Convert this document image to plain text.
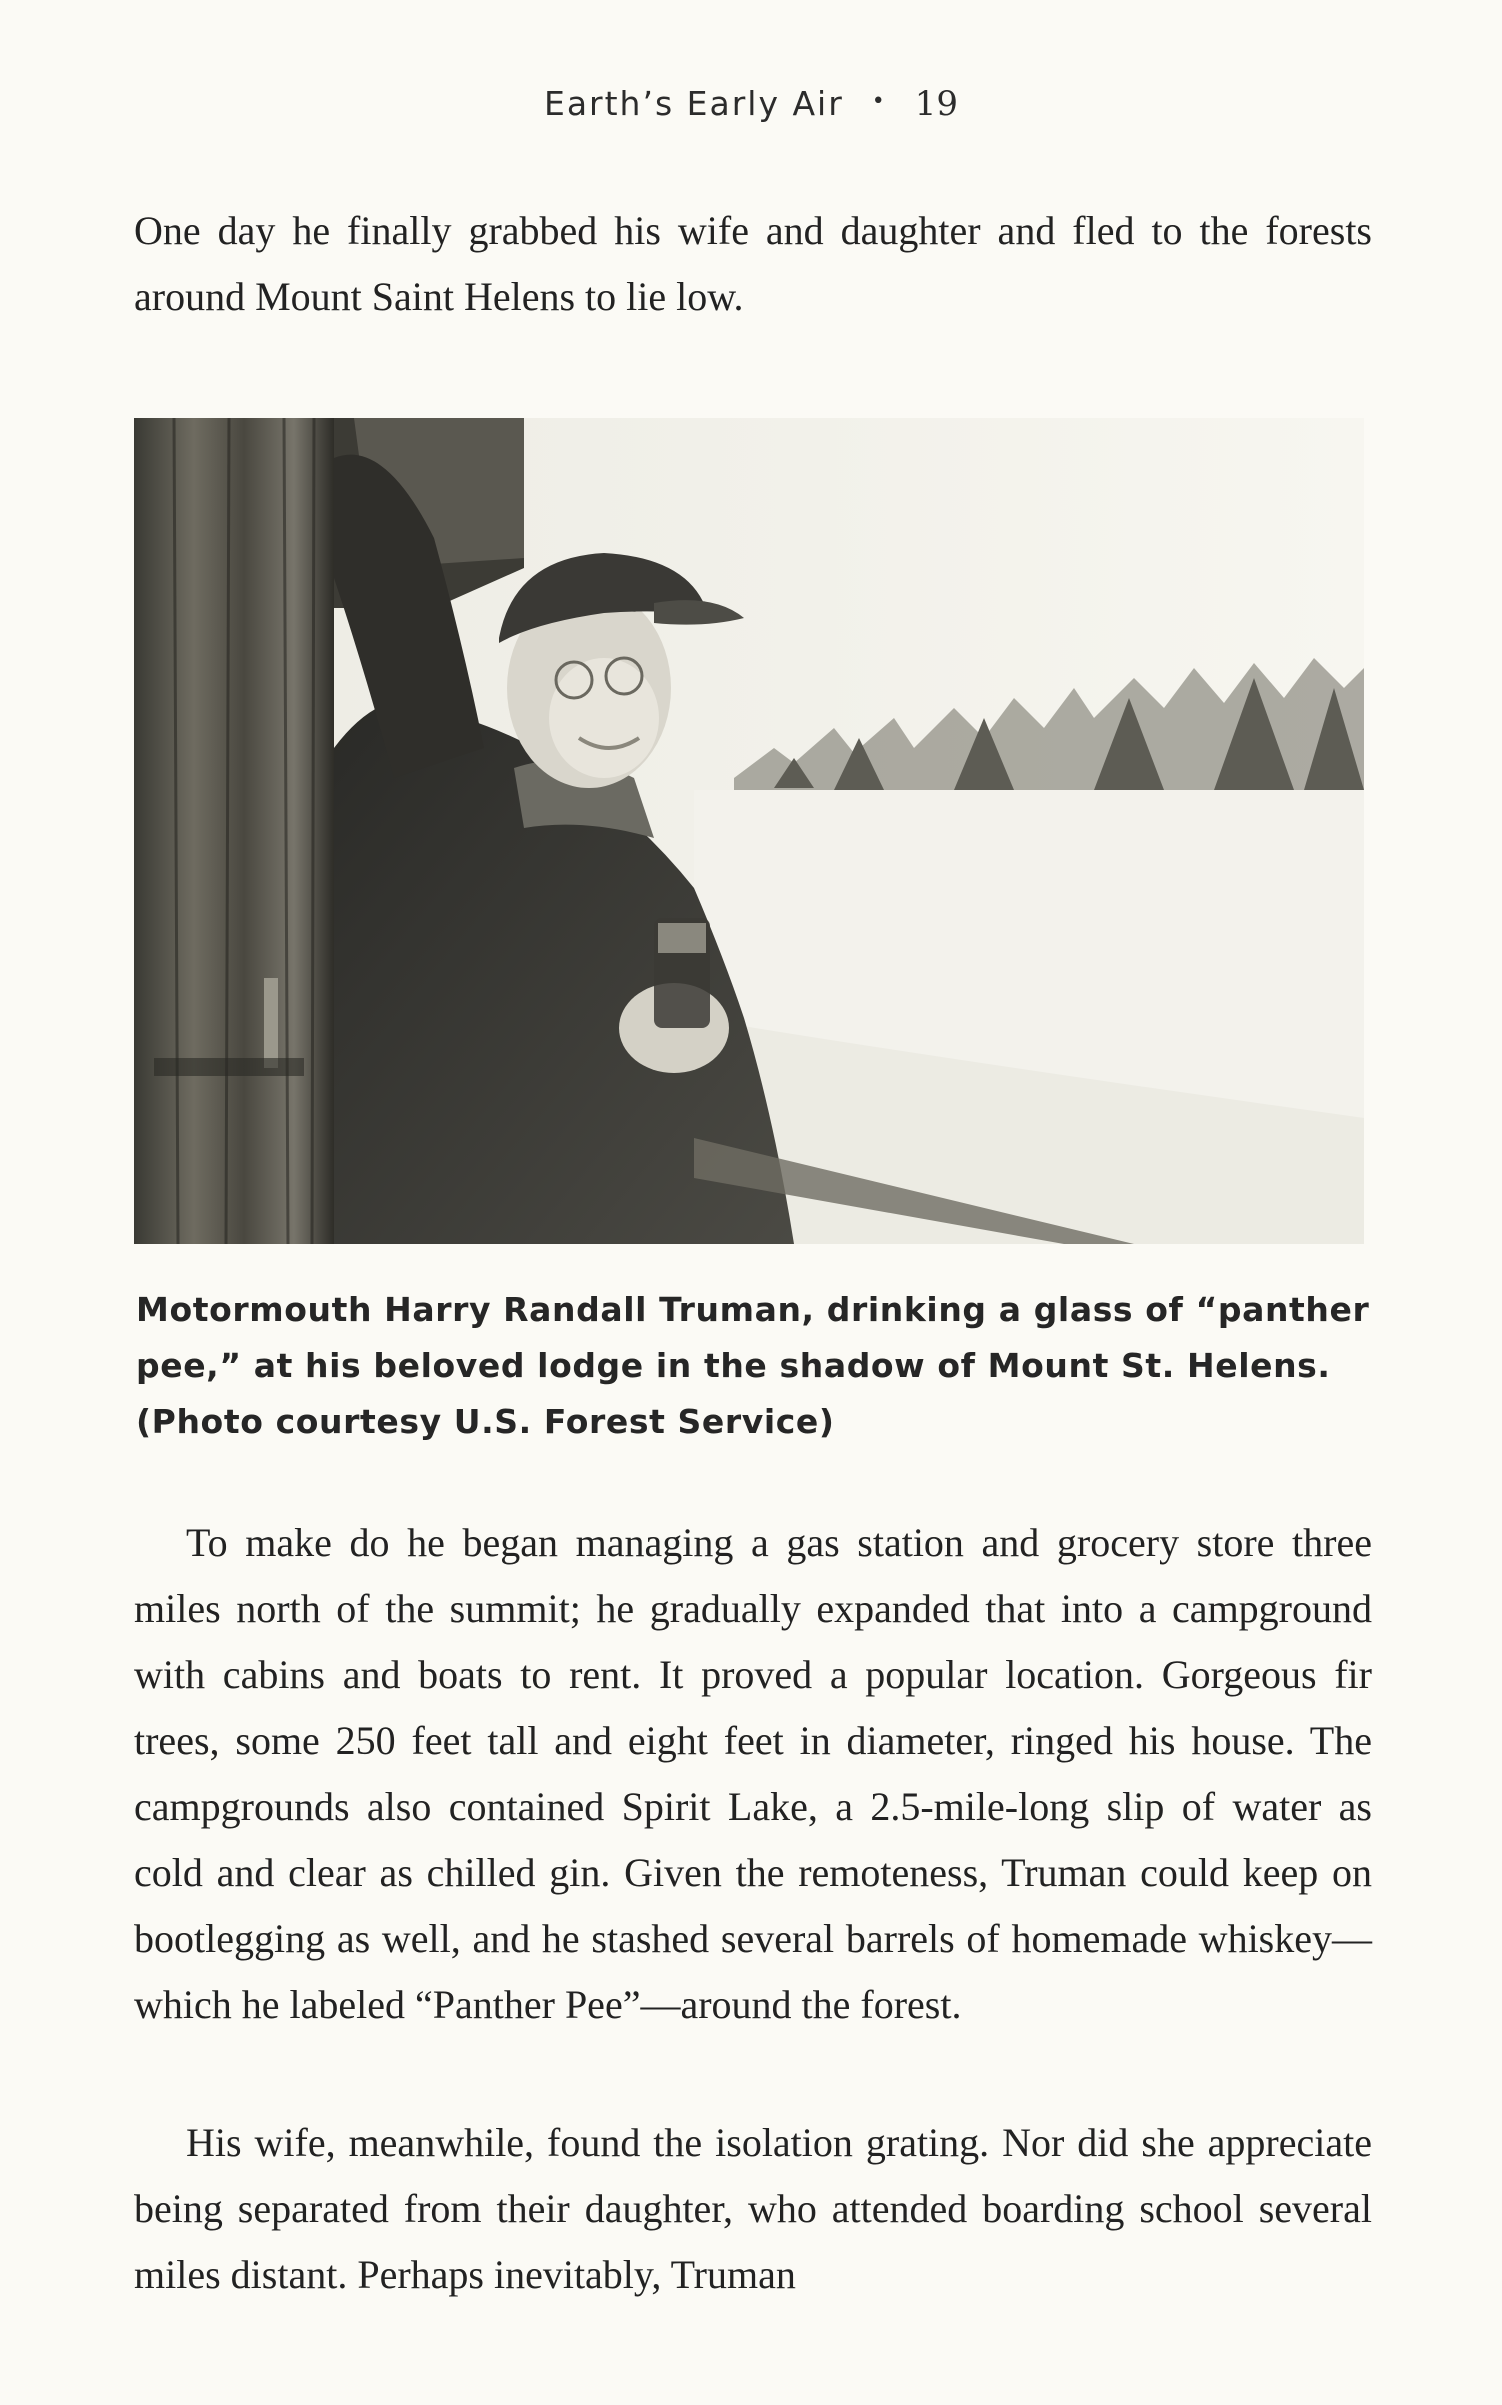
Earth’s Early Air • 19

One day he finally grabbed his wife and daughter and fled to the forests around Mount Saint Helens to lie low.

Motormouth Harry Randall Truman, drinking a glass of “panther pee,” at his beloved lodge in the shadow of Mount St. Helens. (Photo courtesy U.S. Forest Service)

To make do he began managing a gas station and grocery store three miles north of the summit; he gradually expanded that into a campground with cabins and boats to rent. It proved a popular location. Gorgeous fir trees, some 250 feet tall and eight feet in diameter, ringed his house. The campgrounds also contained Spirit Lake, a 2.5-mile-long slip of water as cold and clear as chilled gin. Given the remoteness, Truman could keep on bootlegging as well, and he stashed several barrels of homemade whiskey—which he labeled “Panther Pee”—around the forest.

His wife, meanwhile, found the isolation grating. Nor did she appreciate being separated from their daughter, who attended boarding school several miles distant. Perhaps inevitably, Truman
